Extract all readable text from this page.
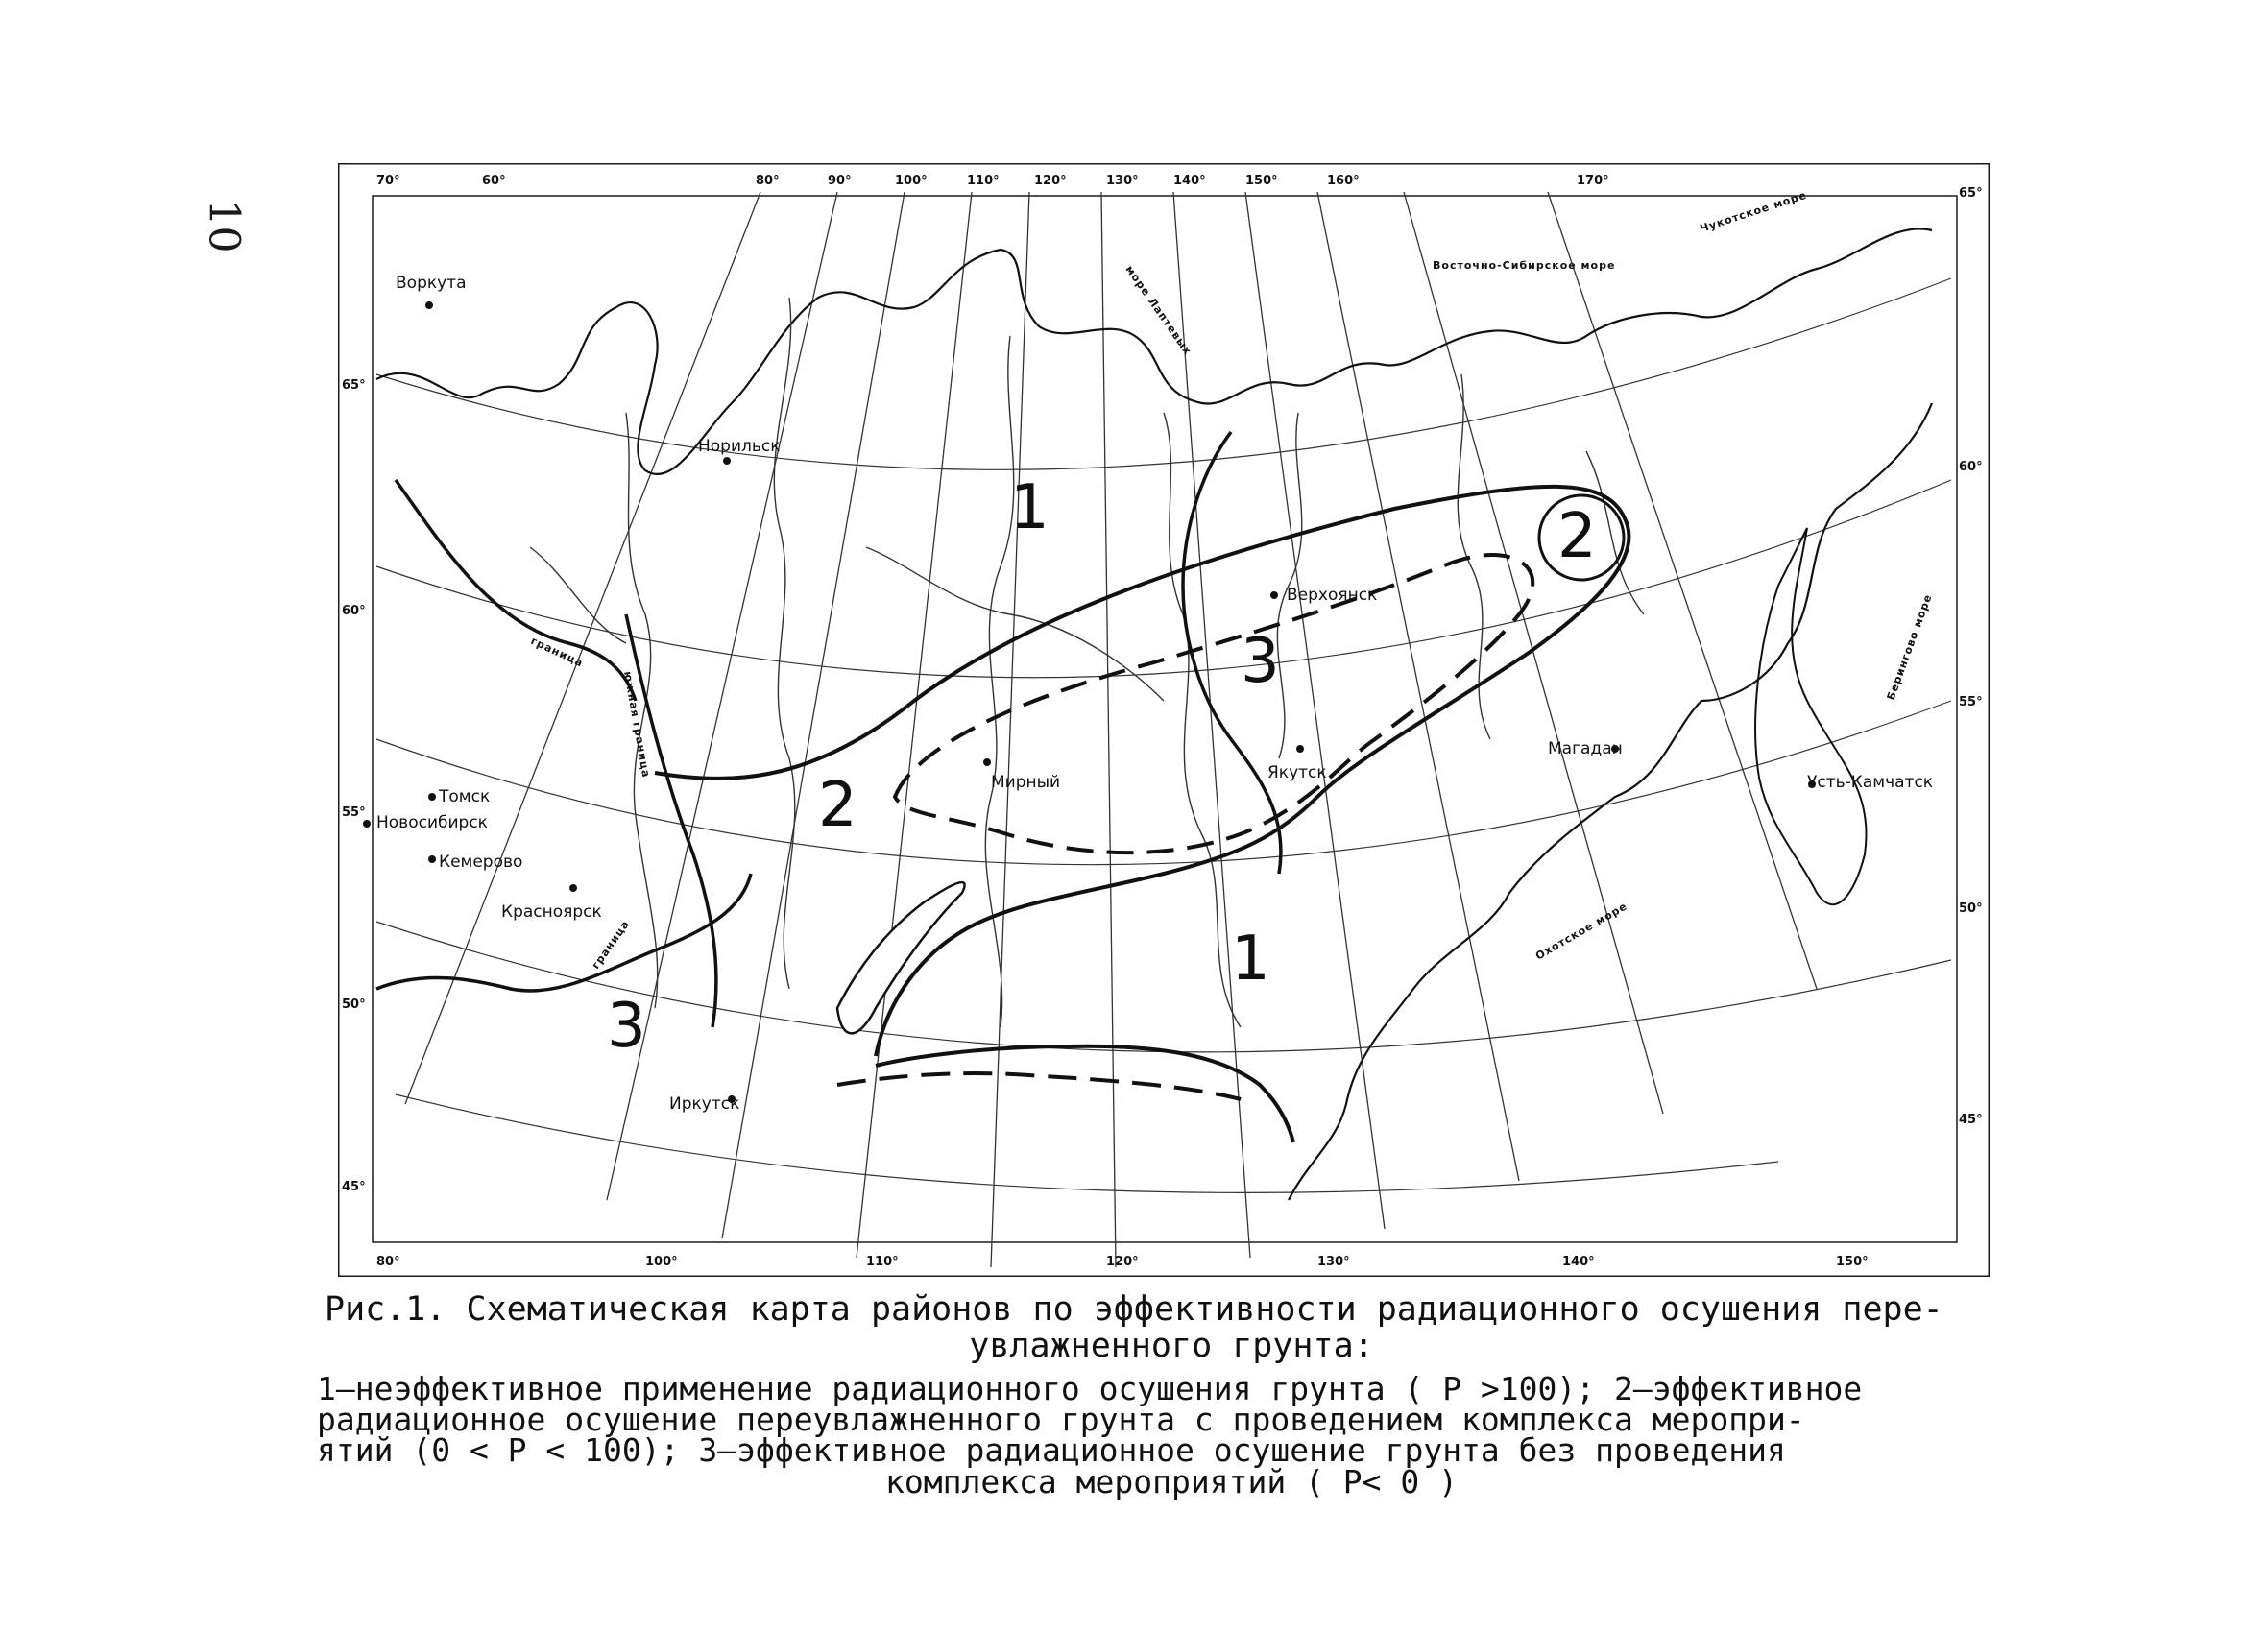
10
1	2
3
1
2
3
Воркута
Норильск
Верхоянск
Якутск
Мирный
Магадан
Усть-Камчатск
Томск
Новосибирск
Кемерово
Красноярск
Иркутск
Чукотское море
Восточно-Сибирское море
море Лаптевых
Охотское море
Берингово море
граница
южная граница
граница
70°	60°	80°	90°	100°	110°	120°	130°	140°	150°	160°	170°
80°	100°	110°	120°	130°	140°	150°
65°
60°
55°
50°
45°
65°
60°
55°
50°
45°
Рис.1. Схематическая карта районов по эффективности радиационного осушения пере-
увлажненного грунта:
1–неэффективное применение радиационного осушения грунта ( P >100); 2–эффективное
радиационное осушение переувлажненного грунта с проведением комплекса меропри-
ятий (0 < P < 100); 3–эффективное радиационное осушение грунта без проведения
комплекса мероприятий ( P< 0 )
